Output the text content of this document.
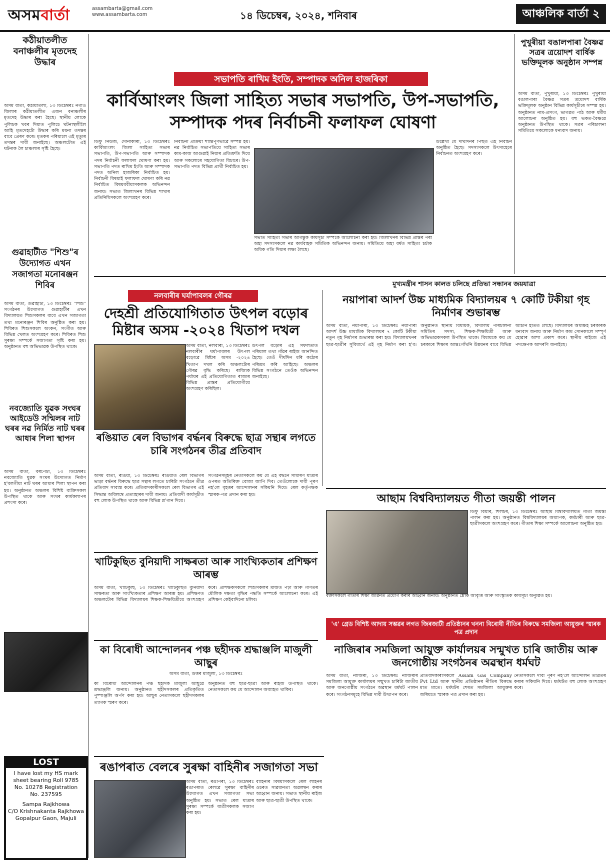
অসমবাৰ্তা	assambarta@gmail.com
www.assambarta.com	১৪ ডিচেম্বৰ, ২০২৪, শনিবাৰ	আঞ্চলিক বাৰ্তা ২
কঠীয়াতলীত বনাঞ্চলীৰ মৃতদেহ উদ্ধাৰ
অসম বাৰ্তা, কঠীয়াতলী, ১৩ ডিচেম্বৰঃ নগাঁও জিলাৰ কঠীয়াতলীত এজন বনাঞ্চলীৰ মৃতদেহ উদ্ধাৰ কৰা হৈছে। স্থানীয় লোকে পুলিচক খবৰ দিয়াত পুলিচে ঘটনাস্থলীলৈ আহি মৃতদেহটো উদ্ধাৰ কৰি ময়না তদন্তৰ বাবে প্ৰেৰণ কৰে। মৃতকৰ পৰিয়ালে এই মৃত্যুৰ তদন্তৰ দাবী জনাইছে। অঞ্চলটোত এই ঘটনাক লৈ চাঞ্চল্যৰ সৃষ্টি হৈছে।
গুৱাহাটীত "শিশু"ৰ উদ্যোগত এখন সজাগতা মনোৰঞ্জন শিবিৰ
অসম বাৰ্তা, গুৱাহাটী, ১৩ ডিচেম্বৰঃ "শিশু" সংগঠনৰ উদ্যোগত গুৱাহাটীৰ এখন বিদ্যালয়ত শিশুসকলৰ বাবে এখন সজাগতা তথা মনোৰঞ্জন শিবিৰ অনুষ্ঠিত কৰা হয়। শিবিৰত শিশুসকলে অংকন, সংগীত আৰু বিভিন্ন খেলত অংশগ্ৰহণ কৰে। শিবিৰত শিশু সুৰক্ষা সম্পৰ্কে সজাগতা সৃষ্টি কৰা হয়। অনুষ্ঠানত বহু অভিভাৱক উপস্থিত থাকে।
নবজ্যোতি যুৱক সংঘৰ আইডেউ সন্মিলৰ নাট ঘৰৰ নৱ নিৰ্মিত নাট ঘৰৰ আধাৰ শিলা স্থাপন
অসম বাৰ্তা, বৰপেটা, ১৩ ডিচেম্বৰঃ নবজ্যোতি যুৱক সংঘৰ উদ্যোগত নিৰ্মাণ হ'বলগীয়া নাট ঘৰৰ আধাৰ শিলা স্থাপন কৰা হয়। অনুষ্ঠানত অঞ্চলৰ বিশিষ্ট ব্যক্তিসকল উপস্থিত থাকে আৰু সংঘৰ কাৰ্যকলাপৰ প্ৰশংসা কৰে।
LOST
I have lost my HS mark sheet bearing Roll 9785 No. 10278 Registration No. 237595
Sampa Rajkhowa
C/O Krishnakanta Rajkhowa
Gopalpur Gaon, Majuli
পুখুৰীয়া বঙালপাৰা বৈষ্ণৱ সত্ৰৰ ত্ৰয়োদশ বাৰ্ষিক ভক্তিমূলক অনুষ্ঠান সম্পন্ন
অসম বাৰ্তা, পুখুৰীয়া, ১৩ ডিচেম্বৰঃ পুখুৰীয়া বঙালপাৰা বৈষ্ণৱ সত্ৰৰ ত্ৰয়োদশ বাৰ্ষিক ভক্তিমূলক অনুষ্ঠান বিভিন্ন কাৰ্যসূচীৰে সম্পন্ন হয়। অনুষ্ঠানত নাম-প্ৰসংগ, ভাগৱত পাঠ আৰু ধৰ্মীয় আলোচনা অনুষ্ঠিত হয়। বহু ভকত-বৈষ্ণৱে অনুষ্ঠানত উপস্থিত থাকে। সত্ৰৰ পৰিচালনা সমিতিয়ে সকলোকে ধন্যবাদ জনায়।
সভাপতি ৰাখিম ইংতি, সম্পাদক অনিল হাজৰিকা
কাৰ্বিআংলং জিলা সাহিত্য সভাৰ সভাপতি, উপ-সভাপতি, সম্পাদক পদৰ নিৰ্বাচনী ফলাফল ঘোষণা
ডিফু নিউজ, দোনাকাৰা, ১৩ ডিচেম্বৰঃ কাৰ্বিআংলং জিলা সাহিত্য সভাৰ সভাপতি, উপ-সভাপতি আৰু সম্পাদক পদৰ নিৰ্বাচনী ফলাফল ঘোষণা কৰা হয়। সভাপতি পদত ৰাখিম ইংতি আৰু সম্পাদক পদত অনিল হাজৰিকা নিৰ্বাচিত হয়। নিৰ্বাচনী বিষয়াই ফলাফল ঘোষণা কৰি নৱ নিৰ্বাচিত বিষয়ববীয়াসকলক অভিনন্দন জনায়। সভাত জিলাখনৰ বিভিন্ন শাখাৰ প্ৰতিনিধিসকলে অংশগ্ৰহণ কৰে।
নিৰ্বাচনী প্ৰক্ৰিয়া শান্তিপূৰ্ণভাৱে সম্পন্ন হয়। নৱ নিৰ্বাচিত সভাপতিয়ে সাহিত্য সভাৰ কাম-কাজ আগুৱাই নিয়াৰ প্ৰতিশ্ৰুতি দিয়ে আৰু সকলোৰে সহযোগিতা বিচাৰে। উপ-সভাপতি পদত বিভিন্ন প্ৰাৰ্থী নিৰ্বাচিত হয়।
সভাত সাহিত্য সভাৰ আগন্তুক কাৰ্যসূচী সম্পৰ্কে আলোচনা কৰা হয়। জিলাখনৰ বিভিন্ন প্ৰান্তৰ পৰা অহা সদস্যসকলে নৱ কাৰ্যবাহক সমিতিক অভিনন্দন জনায়। সমিতিয়ে অহা বৰ্ষত সাহিত্য চৰ্চাক অধিক গতি দিয়াৰ লক্ষ্য লৈছে।
উল্লেখ্য যে দীৰ্ঘদিনৰ পিছত এই নিৰ্বাচন অনুষ্ঠিত হৈছে। সদস্যসকলে উৎসাহেৰে নিৰ্বাচনত অংশগ্ৰহণ কৰে।
মুখ্যমন্ত্ৰীৰ শাসন কালত চলিছে প্ৰতিভা সন্ধানৰ জয়যাত্ৰা
নলবাৰীৰ ঘৰ্যাপাবলৰ গৌৰৱ
দেহশ্ৰী প্ৰতিযোগিতাত উৎপল বড়োৰ মিষ্টাৰ অসম -২০২৪ খিতাপ দখল
অসম বাৰ্তা, নলবাৰী, ১৩ ডিচেম্বৰঃ নলবাৰীৰ ঘৰ্যাপাবলৰ উৎপল বড়োৱে মিষ্টাৰ অসম -২০২৪ খিতাপ দখল কৰি অঞ্চলটোৰ গৌৰৱ বৃদ্ধি কৰিছে। ৰাজ্যিক পৰ্যায়ৰ এই প্ৰতিযোগিতাত ৰাজ্যৰ বিভিন্ন প্ৰান্তৰ প্ৰতিযোগীয়ে অংশগ্ৰহণ কৰিছিল।
উৎপল বড়োৰ এই সফলতাত পৰিয়াল তথা গাঁৱৰ ৰাইজ আনন্দিত হৈছে। তেওঁ দীৰ্ঘদিন ধৰি কঠোৰ পৰিশ্ৰম কৰি আহিছে। অঞ্চলৰ বিভিন্ন সংগঠনে তেওঁক অভিনন্দন জনাইছে।
নয়াপাৰা আদৰ্শ উচ্চ মাধ্যমিক বিদ্যালয়ৰ ৭ কোটি টকীয়া গৃহ নিৰ্মাণৰ শুভাৰম্ভ
অসম বাৰ্তা, নয়াপাৰা, ১৩ ডিচেম্বৰঃ নয়াপাৰা আদৰ্শ উচ্চ মাধ্যমিক বিদ্যালয়ৰ ৭ কোটি টকীয়া নতুন গৃহ নিৰ্মাণৰ শুভাৰম্ভ কৰা হয়। বিদ্যালয়খনৰ ছাত্ৰ-ছাত্ৰীৰ সুবিধাৰ্থে এই গৃহ নিৰ্মাণ কৰা হ'ব। অনুষ্ঠানত স্থানীয় বিধায়ক, বিদ্যালয় পৰিচালনা সমিতিৰ সদস্য, শিক্ষক-শিক্ষয়িত্ৰী আৰু অভিভাৱকসকল উপস্থিত থাকে। বিধায়কে কয় যে চৰকাৰে শিক্ষাৰ আন্তঃগাঁথনি উন্নয়নৰ বাবে বিভিন্ন আঁচনি হাতত লৈছে। বিদ্যালয়ৰ অধ্যক্ষই চৰকাৰক ধন্যবাদ জনায় আৰু নিৰ্মাণ কাম সোনকালে সম্পূৰ্ণ হোৱাৰ আশা প্ৰকাশ কৰে। স্থানীয় ৰাইজে এই পদক্ষেপক আদৰণি জনাইছে।
ৰঙিয়াত ৰেল বিভাগৰ বৰ্দ্ধনৰ বিৰুদ্ধে ছাত্ৰ সন্থাৰ লগতে চাৰি সংগঠনৰ তীব্ৰ প্ৰতিবাদ
অসম বাৰ্তা, ৰঙিয়া, ১৩ ডিচেম্বৰঃ ৰঙিয়াত ৰেল বিভাগৰ ভাড়া বৰ্দ্ধনৰ বিৰুদ্ধে ছাত্ৰ সন্থাৰ লগতে চাৰিটা সংগঠনে তীব্ৰ প্ৰতিবাদ সাব্যস্ত কৰে। প্ৰতিবাদকাৰীসকলে ৰেল বিভাগৰ এই সিদ্ধান্ত অবিলম্বে প্ৰত্যাহাৰৰ দাবী জনায়। প্ৰতিবাদী কাৰ্যসূচীত বহু লোক উপস্থিত থাকে আৰু বিভিন্ন শ্ল'গান দিয়ে।
সংগঠনসমূহৰ নেতাসকলে কয় যে এই বৰ্দ্ধনে সাধাৰণ যাত্ৰীৰ ওপৰত অতিৰিক্ত বোজা জাপি দিব। তেওঁলোকে দাবী পূৰণ নহ'লে বৃহত্তৰ আন্দোলনৰ সকিয়নি দিয়ে। ৰেল কৰ্তৃপক্ষক স্মাৰক-পত্ৰ প্ৰদান কৰা হয়।	আছাম বিশ্ববিদ্যালয়ত গীতা জয়ন্তী পালন
ডিফু বিয়াৰ, শিলচৰ, ১৩ ডিচেম্বৰঃ আছাম বিশ্ববিদ্যালয়ত গীতা জয়ন্তী পালন কৰা হয়। অনুষ্ঠানত বিশ্ববিদ্যালয়ৰ অধ্যাপক, কৰ্মচাৰী আৰু ছাত্ৰ-ছাত্ৰীসকলে অংশগ্ৰহণ কৰে। গীতাৰ শিক্ষা সম্পৰ্কে আলোচনা অনুষ্ঠিত হয়।
বক্তাসকলে গীতাৰ শিক্ষা জীৱনত প্ৰয়োগ কৰাৰ আহ্বান জনায়। অনুষ্ঠানত শ্লোক আবৃত্তি আৰু সাংস্কৃতিক কাৰ্যসূচী অনুষ্ঠিত হয়।
খাটিকুছিত বুনিয়াদী সাক্ষৰতা আৰু সাংখ্যিকতাৰ প্ৰশিক্ষণ আৰম্ভ
অসম বাৰ্তা, খাটিকুছি, ১৩ ডিচেম্বৰঃ খাটিকুছিত বুনিয়াদী সাক্ষৰতা আৰু সাংখ্যিকতাৰ প্ৰশিক্ষণ আৰম্ভ হয়। প্ৰশিক্ষণত অঞ্চলটোৰ বিভিন্ন বিদ্যালয়ৰ শিক্ষক-শিক্ষয়িত্ৰীয়ে অংশগ্ৰহণ কৰে। প্ৰশিক্ষকসকলে শিশুসকলৰ মাজত পঢ়া আৰু গণিতৰ মৌলিক দক্ষতা বৃদ্ধিৰ পদ্ধতি সম্পৰ্কে আলোচনা কৰে। এই প্ৰশিক্ষণ কেইবাদিনো চলিব।
কা বিৰোধী আন্দোলনৰ পঞ্চ ছহীদক শ্ৰদ্ধাঞ্জলি মাজুলী আছুৰ
অসম বাৰ্তা, উত্তৰ মাজুলী, ১৩ ডিচেম্বৰঃ
কা বিৰোধী আন্দোলনৰ পঞ্চ ছহীদক মাজুলী আছুৱে শ্ৰদ্ধাঞ্জলি জনায়। অনুষ্ঠানত ছহীদসকলৰ প্ৰতিকৃতিত পুষ্পাঞ্জলি অৰ্পণ কৰা হয়। আছুৰ নেতাসকলে ছহীদসকলৰ ত্যাগক স্মৰণ কৰে।
অনুষ্ঠানত বহু ছাত্ৰ-ছাত্ৰী আৰু ৰাইজ উপস্থিত থাকে। নেতাসকলে কয় যে আন্দোলন অব্যাহত থাকিব।
'এ' গ্ৰেড বিশিষ্ট আদায় সম্ভৱৰ লগত জিৰজাটী প্ৰতিষ্ঠানৰ খননা বিৰোধী নীতিৰ বিৰুদ্ধে সমজিলা আয়ুক্তৰ স্মাৰক পত্ৰ প্ৰদান
নাজিৰাৰ সমজিলা আয়ুক্ত কাৰ্যালয়ৰ সন্মুখত চাৰি জাতীয় আৰু জনগোষ্ঠীয় সংগঠনৰ অৱস্থান ধৰ্মঘট
অসম বাৰ্তা, নাজিৰা, ১৩ ডিচেম্বৰঃ নাজিৰাৰ সমজিলা আয়ুক্ত কাৰ্যালয়ৰ সন্মুখত চাৰিটা জাতীয় আৰু জনগোষ্ঠীয় সংগঠনে অৱস্থান ধৰ্মঘট পালন কৰে। সংগঠনসমূহে বিভিন্ন দাবী উত্থাপন কৰে।
প্ৰতিবাদকাৰীসকলে Assam Gas Company Pvt Ltd আৰু স্থানীয় প্ৰতিষ্ঠানৰ নীতিৰ বিৰুদ্ধে মাত মাতে। ধৰ্মঘটৰ শেষত সমজিলা আয়ুক্তৰ জৰিয়তে স্মাৰক পত্ৰ প্ৰদান কৰা হয়।
নেতাসকলে দাবী পূৰণ নহ'লে আন্দোলন তীব্ৰতৰ কৰাৰ সকিয়নি দিয়ে। ধৰ্মঘটত বহু লোক অংশগ্ৰহণ কৰে।
ৰঙাপৰাত বেলৰে সুৰক্ষা বাহিনীৰ সজাগতা সভা
অসম বাৰ্তা, ৰঙাপৰা, ১৩ ডিচেম্বৰঃ ৰঙাপৰাত ৰেলৱে সুৰক্ষা বাহিনীৰ উদ্যোগত এখন সজাগতা সভা অনুষ্ঠিত হয়। সভাত ৰেল যাত্ৰাৰ সুৰক্ষা সম্পৰ্কে যাত্ৰীসকলক সজাগ কৰা হয়।
বাহিনীৰ বিষয়াসকলে ৰেল লাইনৰ ওচৰত সাৱধানতা অৱলম্বন কৰাৰ আহ্বান জনায়। সভাত স্থানীয় ৰাইজ আৰু ছাত্ৰ-ছাত্ৰী উপস্থিত থাকে।
